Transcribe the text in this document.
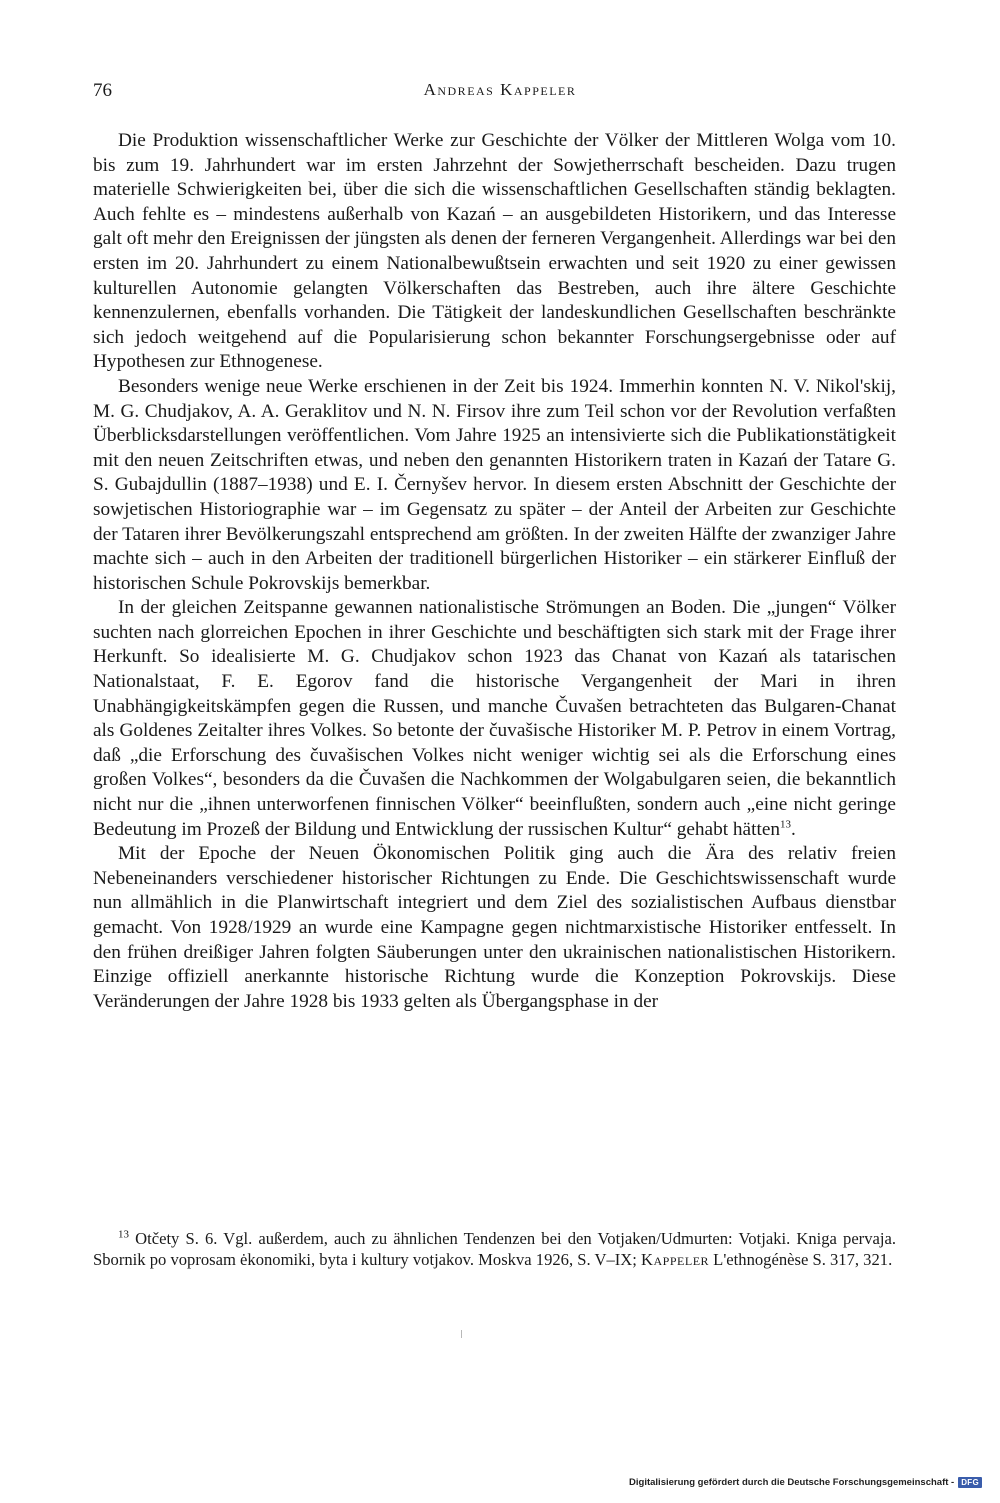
76	Andreas Kappeler

Die Produktion wissenschaftlicher Werke zur Geschichte der Völker der Mittleren Wolga vom 10. bis zum 19. Jahrhundert war im ersten Jahrzehnt der Sowjetherrschaft bescheiden. Dazu trugen materielle Schwierigkeiten bei, über die sich die wissenschaftlichen Gesellschaften ständig beklagten. Auch fehlte es – mindestens außerhalb von Kazań – an ausgebildeten Historikern, und das Interesse galt oft mehr den Ereignissen der jüngsten als denen der ferneren Vergangenheit. Allerdings war bei den ersten im 20. Jahrhundert zu einem Nationalbewußtsein erwachten und seit 1920 zu einer gewissen kulturellen Autonomie gelangten Völkerschaften das Bestreben, auch ihre ältere Geschichte kennenzulernen, ebenfalls vorhanden. Die Tätigkeit der landeskundlichen Gesellschaften beschränkte sich jedoch weitgehend auf die Popularisierung schon bekannter Forschungsergebnisse oder auf Hypothesen zur Ethnogenese.

Besonders wenige neue Werke erschienen in der Zeit bis 1924. Immerhin konnten N. V. Nikol'skij, M. G. Chudjakov, A. A. Geraklitov und N. N. Firsov ihre zum Teil schon vor der Revolution verfaßten Überblicksdarstellungen veröffentlichen. Vom Jahre 1925 an intensivierte sich die Publikationstätigkeit mit den neuen Zeitschriften etwas, und neben den genannten Historikern traten in Kazań der Tatare G. S. Gubajdullin (1887–1938) und E. I. Černyšev hervor. In diesem ersten Abschnitt der Geschichte der sowjetischen Historiographie war – im Gegensatz zu später – der Anteil der Arbeiten zur Geschichte der Tataren ihrer Bevölkerungszahl entsprechend am größten. In der zweiten Hälfte der zwanziger Jahre machte sich – auch in den Arbeiten der traditionell bürgerlichen Historiker – ein stärkerer Einfluß der historischen Schule Pokrovskijs bemerkbar.

In der gleichen Zeitspanne gewannen nationalistische Strömungen an Boden. Die „jungen“ Völker suchten nach glorreichen Epochen in ihrer Geschichte und beschäftigten sich stark mit der Frage ihrer Herkunft. So idealisierte M. G. Chudjakov schon 1923 das Chanat von Kazań als tatarischen Nationalstaat, F. E. Egorov fand die historische Vergangenheit der Mari in ihren Unabhängigkeitskämpfen gegen die Russen, und manche Čuvašen betrachteten das Bulgaren-Chanat als Goldenes Zeitalter ihres Volkes. So betonte der čuvašische Historiker M. P. Petrov in einem Vortrag, daß „die Erforschung des čuvašischen Volkes nicht weniger wichtig sei als die Erforschung eines großen Volkes“, besonders da die Čuvašen die Nachkommen der Wolgabulgaren seien, die bekanntlich nicht nur die „ihnen unterworfenen finnischen Völker“ beeinflußten, sondern auch „eine nicht geringe Bedeutung im Prozeß der Bildung und Entwicklung der russischen Kultur“ gehabt hätten$^{13}$.

Mit der Epoche der Neuen Ökonomischen Politik ging auch die Ära des relativ freien Nebeneinanders verschiedener historischer Richtungen zu Ende. Die Geschichtswissenschaft wurde nun allmählich in die Planwirtschaft integriert und dem Ziel des sozialistischen Aufbaus dienstbar gemacht. Von 1928/1929 an wurde eine Kampagne gegen nichtmarxistische Historiker entfesselt. In den frühen dreißiger Jahren folgten Säuberungen unter den ukrainischen nationalistischen Historikern. Einzige offiziell anerkannte historische Richtung wurde die Konzeption Pokrovskijs. Diese Veränderungen der Jahre 1928 bis 1933 gelten als Übergangsphase in der

$^{13}$ Otčety S. 6. Vgl. außerdem, auch zu ähnlichen Tendenzen bei den Votjaken/Udmurten: Votjaki. Kniga pervaja. Sbornik po voprosam ėkonomiki, byta i kultury votjakov. Moskva 1926, S. V–IX; Kappeler L'ethnogénèse S. 317, 321.

Digitalisierung gefördert durch die Deutsche Forschungsgemeinschaft - DFG
